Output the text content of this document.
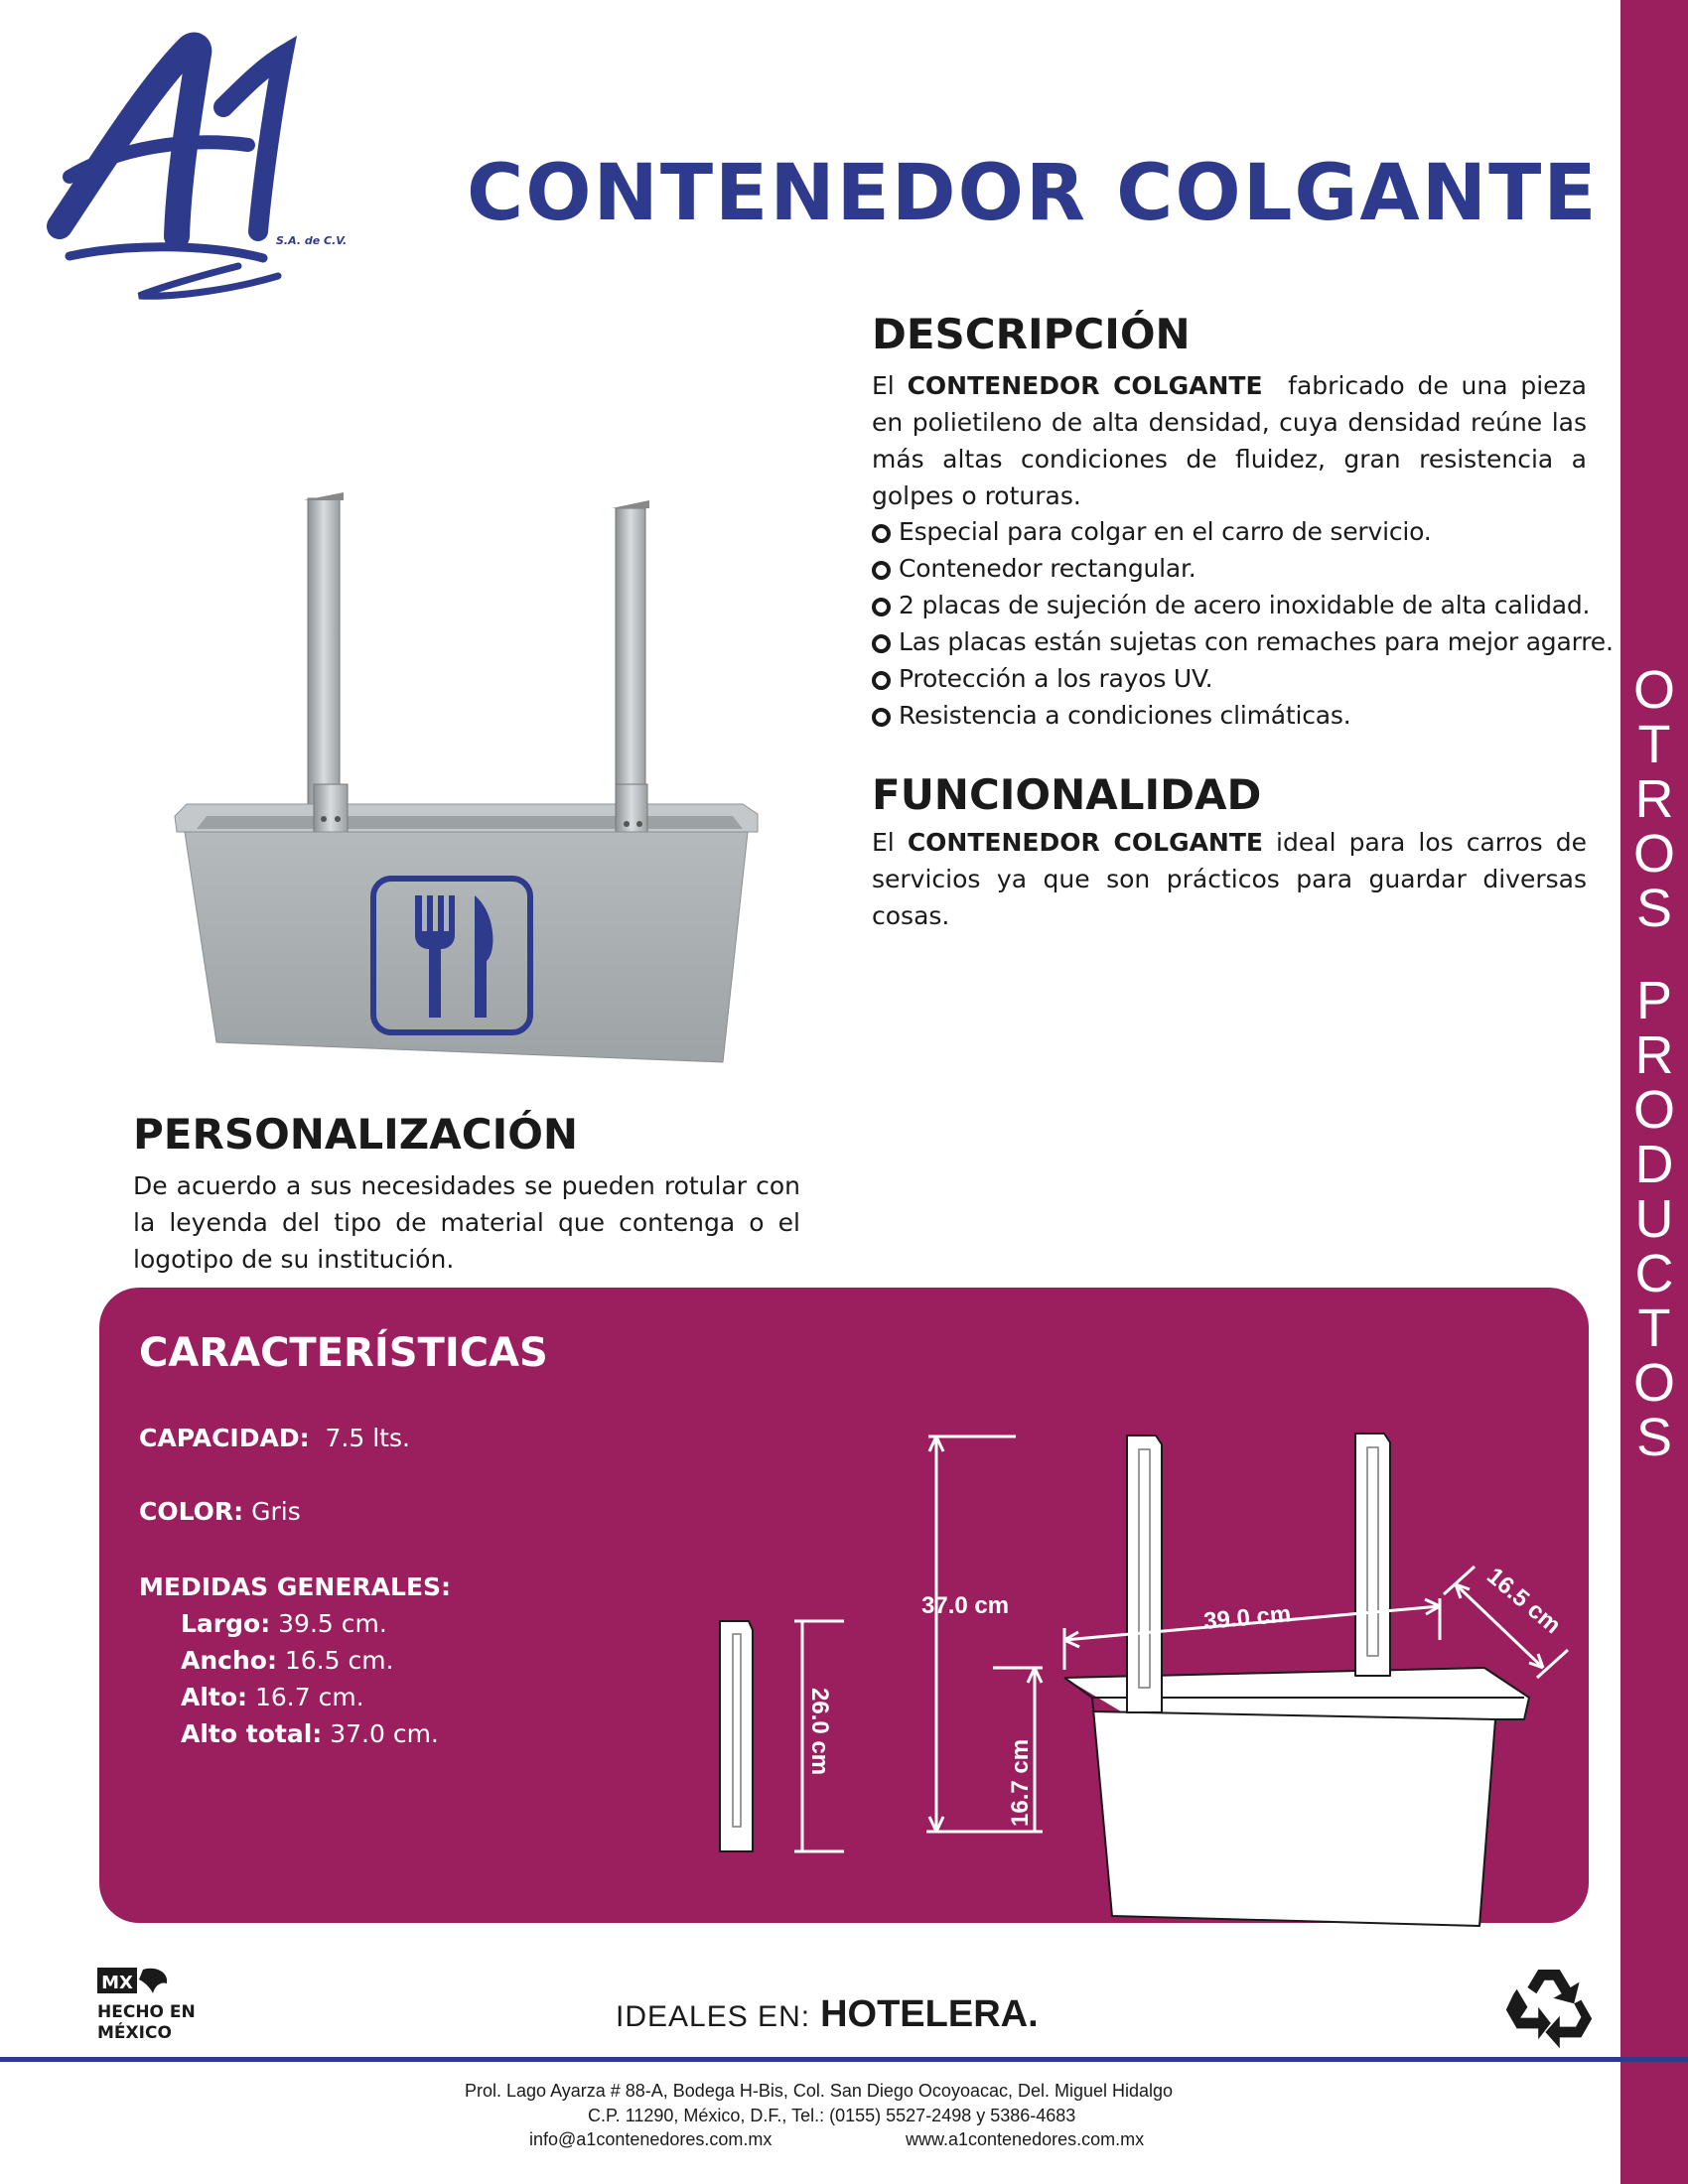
O
T
R
O
S
P
R
O
D
U
C
T
O
S
S.A. de C.V.
CONTENEDOR COLGANTE
DESCRIPCIÓN
El CONTENEDOR COLGANTE  fabricado de una pieza en polietileno de alta densidad, cuya densidad reúne las más altas condiciones de fluidez, gran resistencia a golpes o roturas.
Especial para colgar en el carro de servicio.
Contenedor rectangular.
2 placas de sujeción de acero inoxidable de alta calidad.
Las placas están sujetas con remaches para mejor agarre.
Protección a los rayos UV.
Resistencia a condiciones climáticas.
FUNCIONALIDAD
El CONTENEDOR COLGANTE ideal para los carros de servicios ya que son prácticos para guardar diversas cosas.
PERSONALIZACIÓN
De acuerdo a sus necesidades se pueden rotular con la leyenda del tipo de material que contenga o el logotipo de su institución.
CARACTERÍSTICAS
CAPACIDAD: 7.5 lts.
COLOR: Gris
MEDIDAS GENERALES:
Largo: 39.5 cm.
Ancho: 16.5 cm.
Alto: 16.7 cm.
Alto total: 37.0 cm.	26.0 cm
37.0 cm
16.7 cm
39.0 cm	16.5 cm
MX
HECHO EN
MÉXICO	IDEALES EN: HOTELERA.
Prol. Lago Ayarza # 88-A, Bodega H-Bis, Col. San Diego Ocoyoacac, Del. Miguel Hidalgo
C.P. 11290, México, D.F., Tel.: (0155) 5527-2498 y 5386-4683
info@a1contenedores.com.mx	www.a1contenedores.com.mx
